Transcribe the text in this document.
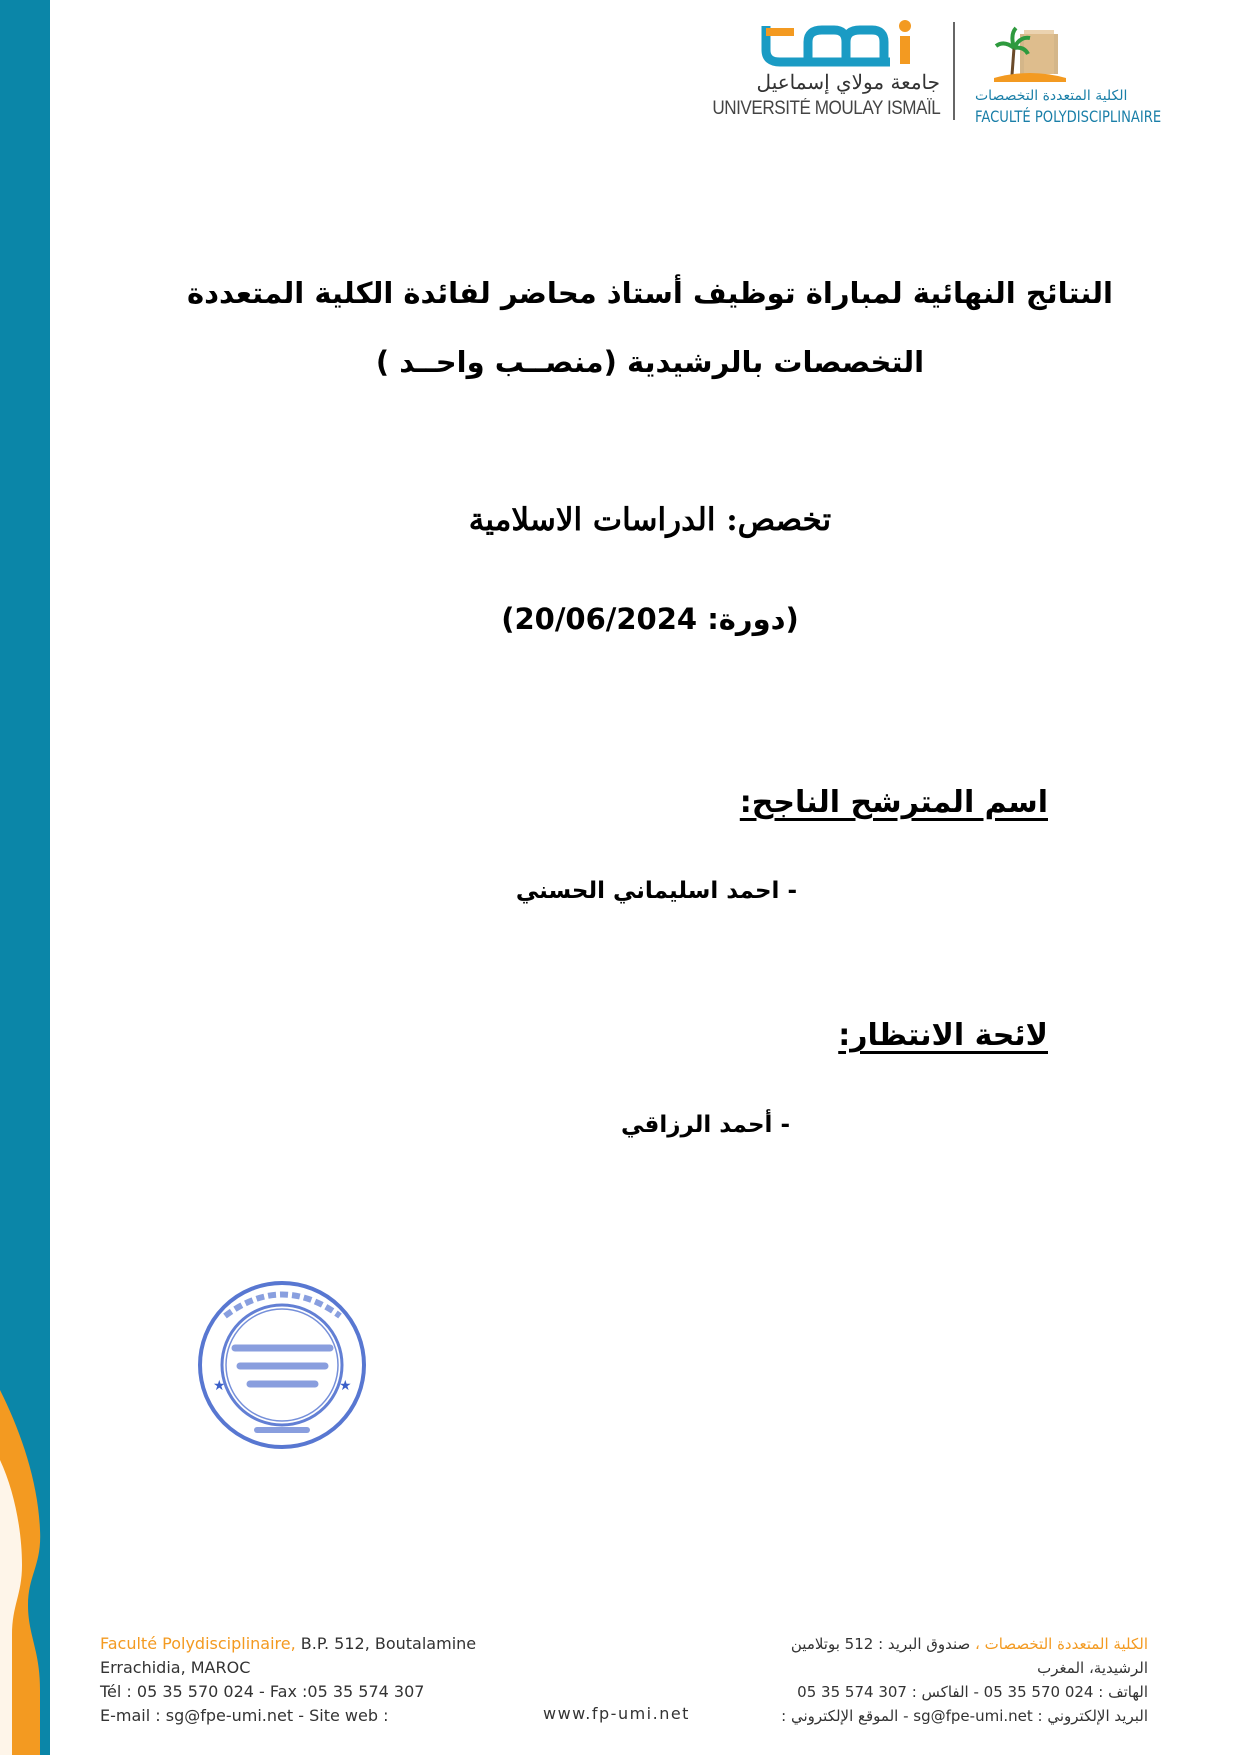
جامعة مولاي إسماعيل
UNIVERSITÉ MOULAY ISMAÏL
الكلية المتعددة التخصصات
FACULTÉ POLYDISCIPLINAIRE
النتائج النهائية لمباراة توظيف أستاذ محاضر لفائدة الكلية المتعددة
التخصصات بالرشيدية (منصــب واحــد )
تخصص: الدراسات الاسلامية
(دورة: 20/06/2024)
اسم المترشح الناجح:
- احمد اسليماني الحسني
لائحة الانتظار:
- أحمد الرزاقي
★	★
Faculté Polydisciplinaire, B.P. 512, Boutalamine
Errachidia, MAROC
Tél : 05 35 570 024 - Fax :05 35 574 307
E-mail : sg@fpe-umi.net - Site web :	www.fp-umi.net
الكلية المتعددة التخصصات ، صندوق البريد : 512 بوتلامين
الرشيدية، المغرب
الهاتف : 024 570 35 05 - الفاكس : 307 574 35 05
البريد الإلكتروني : sg@fpe-umi.net - الموقع الإلكتروني :
